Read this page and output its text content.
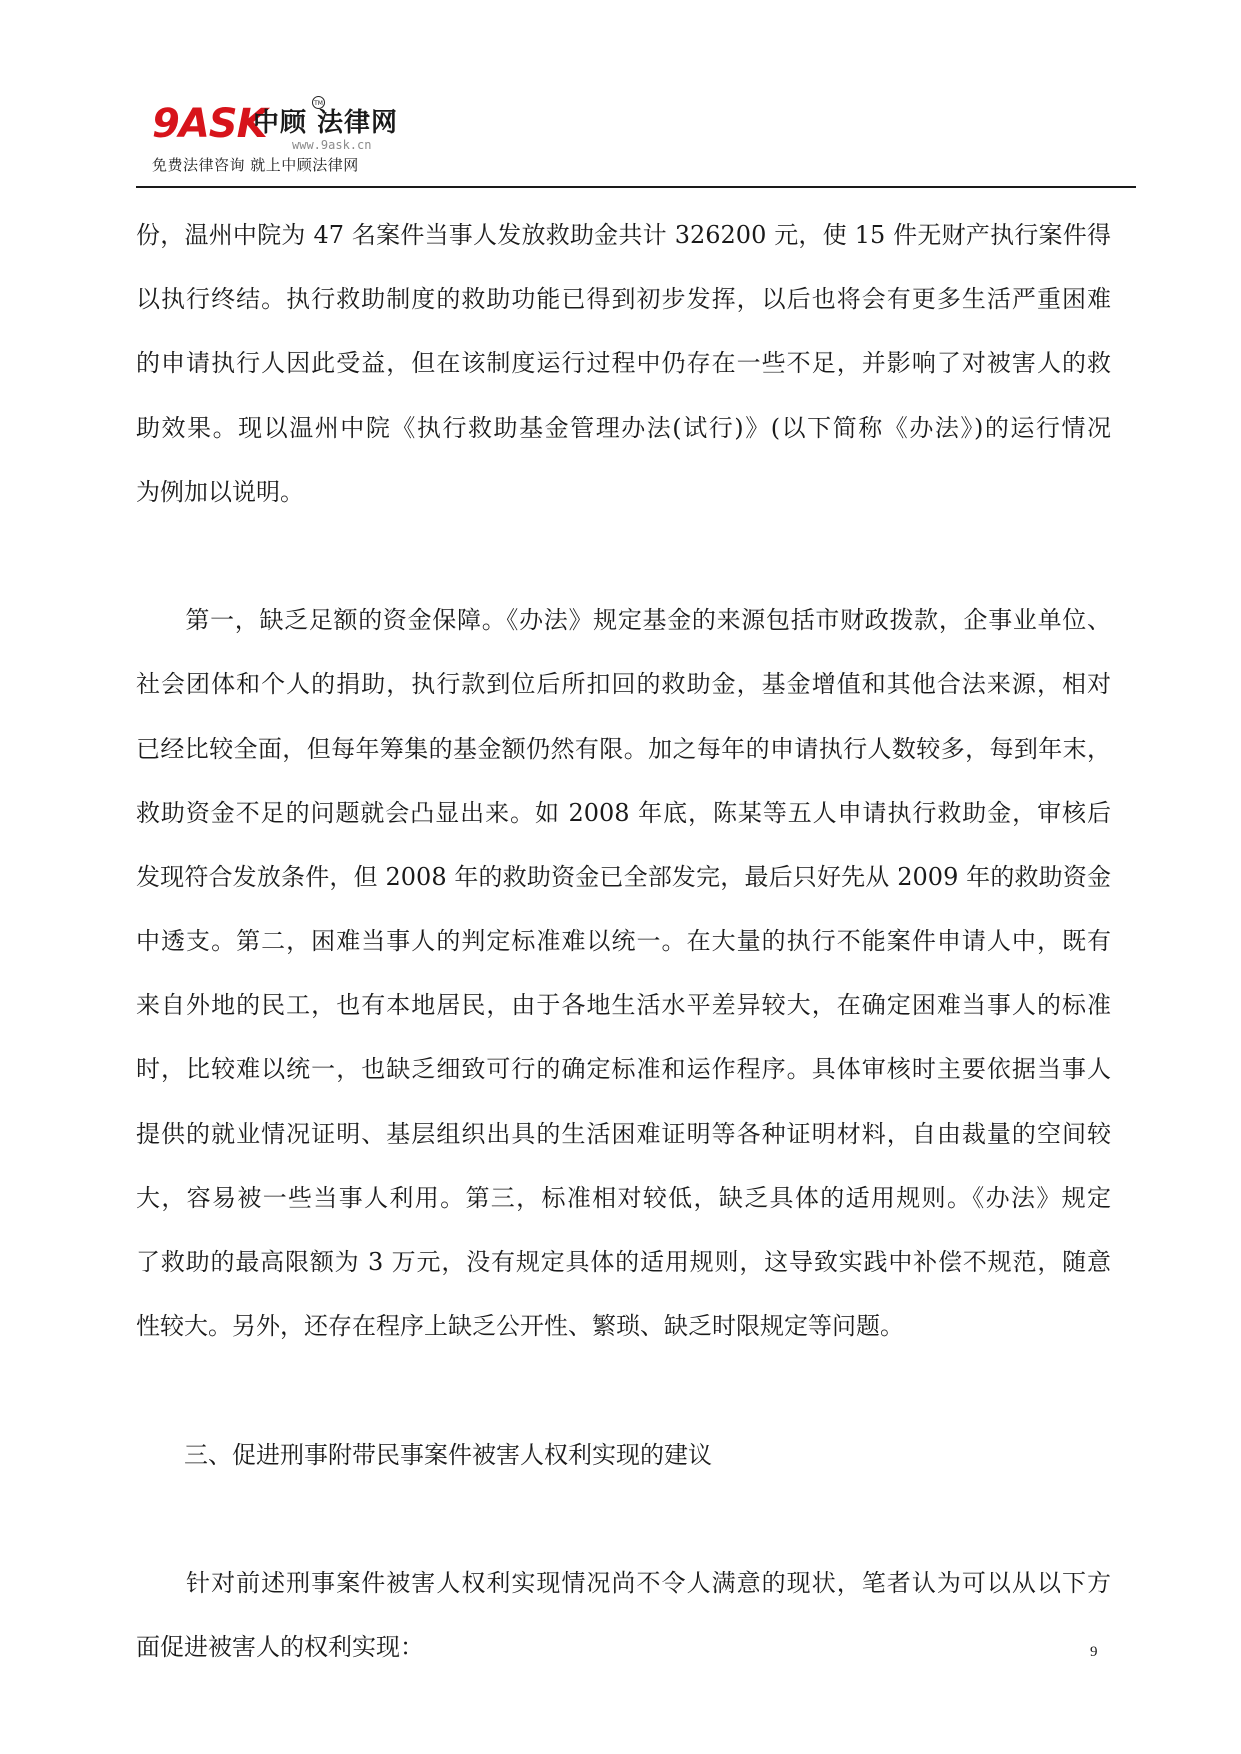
9ASK
中顾 法律网
TM
www.9ask.cn
免费法律咨询 就上中顾法律网
份，温州中院为 47 名案件当事人发放救助金共计 326200 元，使 15 件无财产执行案件得
以执行终结。执行救助制度的救助功能已得到初步发挥，以后也将会有更多生活严重困难
的申请执行人因此受益，但在该制度运行过程中仍存在一些不足，并影响了对被害人的救
助效果。现以温州中院《执行救助基金管理办法(试行)》(以下简称《办法》)的运行情况
为例加以说明。
　　第一，缺乏足额的资金保障。《办法》规定基金的来源包括市财政拨款，企事业单位、
社会团体和个人的捐助，执行款到位后所扣回的救助金，基金增值和其他合法来源，相对
已经比较全面，但每年筹集的基金额仍然有限。加之每年的申请执行人数较多，每到年末，
救助资金不足的问题就会凸显出来。如 2008 年底，陈某等五人申请执行救助金，审核后
发现符合发放条件，但 2008 年的救助资金已全部发完，最后只好先从 2009 年的救助资金
中透支。第二，困难当事人的判定标准难以统一。在大量的执行不能案件申请人中，既有
来自外地的民工，也有本地居民，由于各地生活水平差异较大，在确定困难当事人的标准
时，比较难以统一，也缺乏细致可行的确定标准和运作程序。具体审核时主要依据当事人
提供的就业情况证明、基层组织出具的生活困难证明等各种证明材料，自由裁量的空间较
大，容易被一些当事人利用。第三，标准相对较低，缺乏具体的适用规则。《办法》规定
了救助的最高限额为 3 万元，没有规定具体的适用规则，这导致实践中补偿不规范，随意
性较大。另外，还存在程序上缺乏公开性、繁琐、缺乏时限规定等问题。
　　三、促进刑事附带民事案件被害人权利实现的建议
　　针对前述刑事案件被害人权利实现情况尚不令人满意的现状，笔者认为可以从以下方
面促进被害人的权利实现：	9
